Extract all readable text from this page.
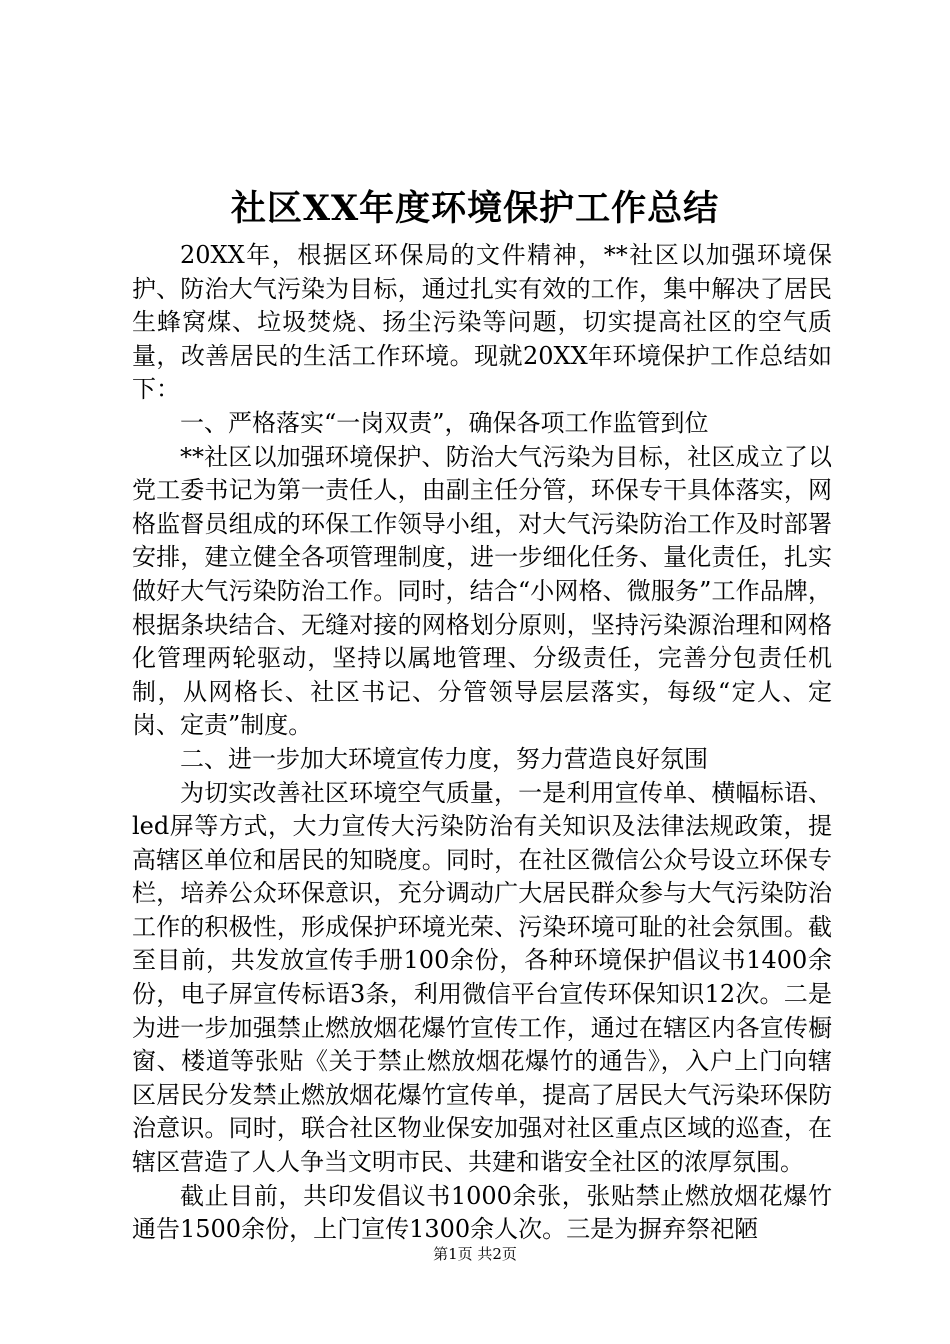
社区XX年度环境保护工作总结

20XX年，根据区环保局的文件精神，**社区以加强环境保护、防治大气污染为目标，通过扎实有效的工作，集中解决了居民生蜂窝煤、垃圾焚烧、扬尘污染等问题，切实提高社区的空气质量，改善居民的生活工作环境。现就20XX年环境保护工作总结如下：

一、严格落实“一岗双责”，确保各项工作监管到位

**社区以加强环境保护、防治大气污染为目标，社区成立了以党工委书记为第一责任人，由副主任分管，环保专干具体落实，网格监督员组成的环保工作领导小组，对大气污染防治工作及时部署安排，建立健全各项管理制度，进一步细化任务、量化责任，扎实做好大气污染防治工作。同时，结合“小网格、微服务”工作品牌，根据条块结合、无缝对接的网格划分原则，坚持污染源治理和网格化管理两轮驱动，坚持以属地管理、分级责任，完善分包责任机制，从网格长、社区书记、分管领导层层落实，每级“定人、定岗、定责”制度。

二、进一步加大环境宣传力度，努力营造良好氛围

为切实改善社区环境空气质量，一是利用宣传单、横幅标语、led屏等方式，大力宣传大污染防治有关知识及法律法规政策，提高辖区单位和居民的知晓度。同时，在社区微信公众号设立环保专栏，培养公众环保意识，充分调动广大居民群众参与大气污染防治工作的积极性，形成保护环境光荣、污染环境可耻的社会氛围。截至目前，共发放宣传手册100余份，各种环境保护倡议书1400余份，电子屏宣传标语3条，利用微信平台宣传环保知识12次。二是为进一步加强禁止燃放烟花爆竹宣传工作，通过在辖区内各宣传橱窗、楼道等张贴《关于禁止燃放烟花爆竹的通告》，入户上门向辖区居民分发禁止燃放烟花爆竹宣传单，提高了居民大气污染环保防治意识。同时，联合社区物业保安加强对社区重点区域的巡查，在辖区营造了人人争当文明市民、共建和谐安全社区的浓厚氛围。

截止目前，共印发倡议书1000余张，张贴禁止燃放烟花爆竹通告1500余份，上门宣传1300余人次。三是为摒弃祭祀陋

第1页 共2页
